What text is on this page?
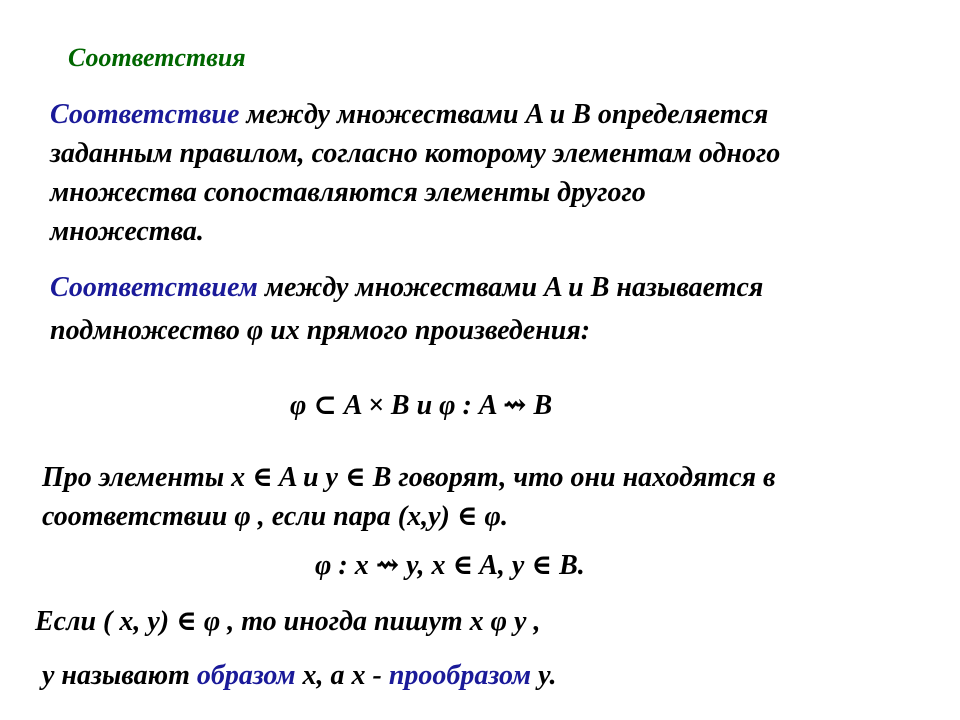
Соответствия
Соответствие между множествами A и B определяется
заданным правилом, согласно которому элементам одного
множества сопоставляются элементы другого
множества.
Соответствием между множествами A и B называется
подмножество φ их прямого произведения:
φ ⊂ A × B и φ : A ⇝ B
Про элементы x ∈ A и y ∈ B говорят, что они находятся в
соответствии φ , если пара (x,y) ∈ φ.
φ : x ⇝ y, x ∈ A, y ∈ B.
Если ( x, y) ∈ φ , то иногда пишут x φ y ,
y называют образом x, а x - прообразом y.
